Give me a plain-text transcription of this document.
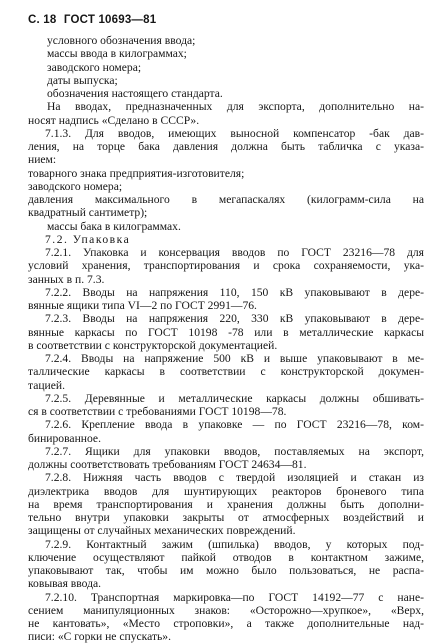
С. 18 ГОСТ 10693—81
условного обозначения ввода;
массы ввода в килограммах;
заводского номера;
даты выпуска;
обозначения настоящего стандарта.
На вводах, предназначенных для экспорта, дополнительно на-
носят надпись «Сделано в СССР».
7.1.3. Для вводов, имеющих выносной компенсатор -бак дав-
ления, на торце бака давления должна быть табличка с указа-
нием:
товарного знака предприятия-изготовителя;
заводского номера;
давления максимального в мегапаскалях (килограмм-сила на
квадратный сантиметр);
массы бака в килограммах.
7.2. Упаковка
7.2.1. Упаковка и консервация вводов по ГОСТ 23216—78 для
условий хранения, транспортирования и срока сохраняемости, ука-
занных в п. 7.3.
7.2.2. Вводы на напряжения 110, 150 кВ упаковывают в дере-
вянные ящики типа VI—2 по ГОСТ 2991—76.
7.2.3. Вводы на напряжения 220, 330 кВ упаковывают в дере-
вянные каркасы по ГОСТ 10198 -78 или в металлические каркасы
в соответствии с конструкторской документацией.
7.2.4. Вводы на напряжение 500 кВ и выше упаковывают в ме-
таллические каркасы в соответствии с конструкторской докумен-
тацией.
7.2.5. Деревянные и металлические каркасы должны обшивать-
ся в соответствии с требованиями ГОСТ 10198—78.
7.2.6. Крепление ввода в упаковке — по ГОСТ 23216—78, ком-
бинированное.
7.2.7. Ящики для упаковки вводов, поставляемых на экспорт,
должны соответствовать требованиям ГОСТ 24634—81.
7.2.8. Нижняя часть вводов с твердой изоляцией и стакан из
диэлектрика вводов для шунтирующих реакторов броневого типа
на время транспортирования и хранения должны быть дополни-
тельно внутри упаковки закрыты от атмосферных воздействий и
защищены от случайных механических повреждений.
7.2.9. Контактный зажим (шпилька) вводов, у которых под-
ключение осуществляют пайкой отводов в контактном зажиме,
упаковывают так, чтобы им можно было пользоваться, не распа-
ковывая ввода.
7.2.10. Транспортная маркировка—по ГОСТ 14192—77 с нане-
сением манипуляционных знаков: «Осторожно—хрупкое», «Верх,
не кантовать», «Место строповки», а также дополнительные над-
писи: «С горки не спускать».
